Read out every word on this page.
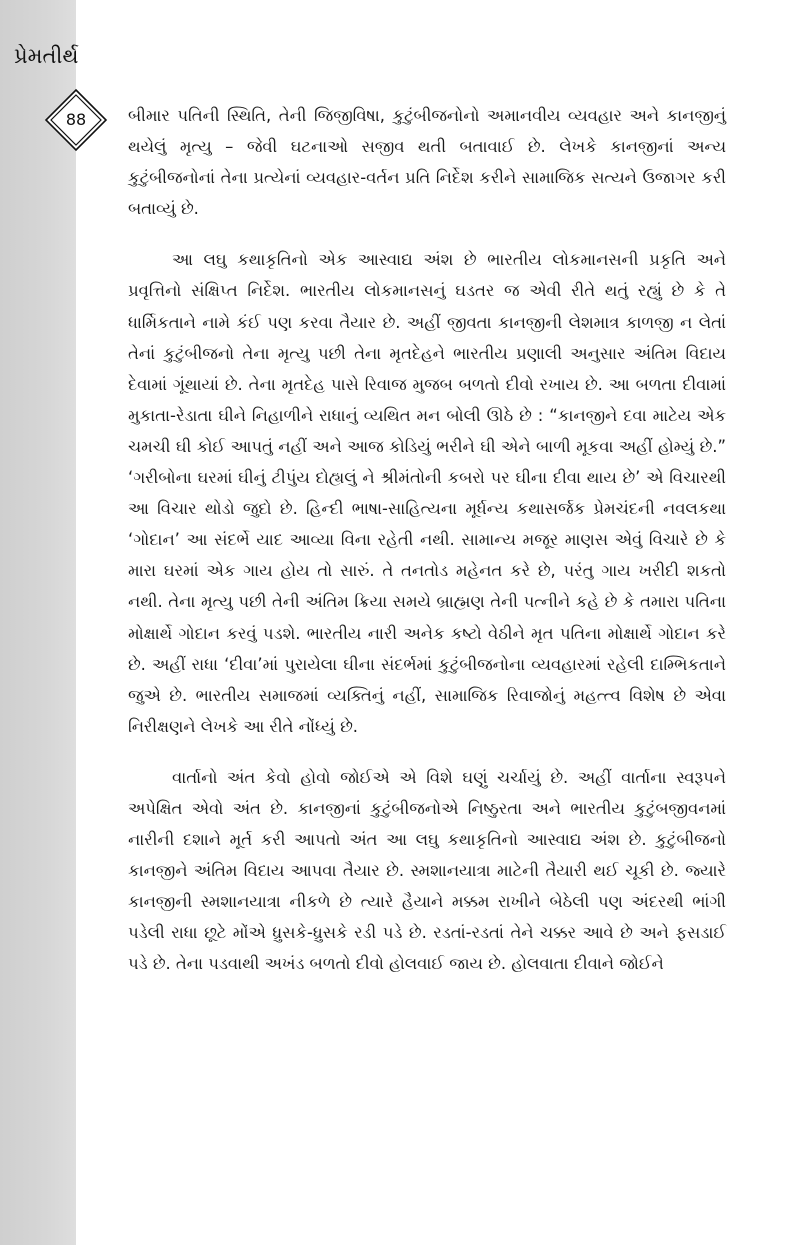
પ્રેમતીર્થ
88	બીમાર પતિની સ્થિતિ, તેની જિજીવિષા, કુટુંબીજનોનો અમાનવીય વ્યવહાર અને કાનજીનું થયેલું મૃત્યુ – જેવી ઘટનાઓ સજીવ થતી બતાવાઈ છે. લેખકે કાનજીનાં અન્ય કુટુંબીજનોનાં તેના પ્રત્યેનાં વ્યવહાર-વર્તન પ્રતિ નિર્દેશ કરીને સામાજિક સત્યને ઉજાગર કરી બતાવ્યું છે.

આ લઘુ કથાકૃતિનો એક આસ્વાદ્ય અંશ છે ભારતીય લોકમાનસની પ્રકૃતિ અને પ્રવૃત્તિનો સંક્ષિપ્ત નિર્દેશ. ભારતીય લોકમાનસનું ઘડતર જ એવી રીતે થતું રહ્યું છે કે તે ધાર્મિકતાને નામે કંઈ પણ કરવા તૈયાર છે. અહીં જીવતા કાનજીની લેશમાત્ર કાળજી ન લેતાં તેનાં કુટુંબીજનો તેના મૃત્યુ પછી તેના મૃતદેહને ભારતીય પ્રણાલી અનુસાર અંતિમ વિદાય દેવામાં ગૂંથાયાં છે. તેના મૃતદેહ પાસે રિવાજ મુજબ બળતો દીવો રખાય છે. આ બળતા દીવામાં મુકાતા-રેડાતા ઘીને નિહાળીને રાધાનું વ્યથિત મન બોલી ઊઠે છે : “કાનજીને દવા માટેય એક ચમચી ઘી કોઈ આપતું નહીં અને આજ કોડિયું ભરીને ઘી એને બાળી મૂકવા અહીં હોમ્યું છે.” ‘ગરીબોના ઘરમાં ઘીનું ટીપુંય દોહ્યલું ને શ્રીમંતોની કબરો પર ઘીના દીવા થાય છે’ એ વિચારથી આ વિચાર થોડો જુદો છે. હિન્દી ભાષા-સાહિત્યના મૂર્ધન્ય કથાસર્જક પ્રેમચંદની નવલકથા ‘ગોદાન’ આ સંદર્ભે યાદ આવ્યા વિના રહેતી નથી. સામાન્ય મજૂર માણસ એવું વિચારે છે કે મારા ઘરમાં એક ગાય હોય તો સારું. તે તનતોડ મહેનત કરે છે, પરંતુ ગાય ખરીદી શકતો નથી. તેના મૃત્યુ પછી તેની અંતિમ ક્રિયા સમયે બ્રાહ્મણ તેની પત્નીને કહે છે કે તમારા પતિના મોક્ષાર્થે ગોદાન કરવું પડશે. ભારતીય નારી અનેક કષ્ટો વેઠીને મૃત પતિના મોક્ષાર્થે ગોદાન કરે છે. અહીં રાધા ‘દીવા’માં પુરાયેલા ઘીના સંદર્ભમાં કુટુંબીજનોના વ્યવહારમાં રહેલી દામ્ભિકતાને જુએ છે. ભારતીય સમાજમાં વ્યક્તિનું નહીં, સામાજિક રિવાજોનું મહત્ત્વ વિશેષ છે એવા નિરીક્ષણને લેખકે આ રીતે નોંધ્યું છે.

વાર્તાનો અંત કેવો હોવો જોઈએ એ વિશે ઘણું ચર્ચાયું છે. અહીં વાર્તાના સ્વરૂપને અપેક્ષિત એવો અંત છે. કાનજીનાં કુટુંબીજનોએ નિષ્ઠુરતા અને ભારતીય કુટુંબજીવનમાં નારીની દશાને મૂર્ત કરી આપતો અંત આ લઘુ કથાકૃતિનો આસ્વાદ્ય અંશ છે. કુટુંબીજનો કાનજીને અંતિમ વિદાય આપવા તૈયાર છે. સ્મશાનયાત્રા માટેની તૈયારી થઈ ચૂકી છે. જ્યારે કાનજીની સ્મશાનયાત્રા નીકળે છે ત્યારે હૈયાને મક્કમ રાખીને બેઠેલી પણ અંદરથી ભાંગી પડેલી રાધા છૂટે મોંએ ધ્રુસકે-ધ્રુસકે રડી પડે છે. રડતાં-રડતાં તેને ચક્કર આવે છે અને ફસડાઈ પડે છે. તેના પડવાથી અખંડ બળતો દીવો હોલવાઈ જાય છે. હોલવાતા દીવાને જોઈને
